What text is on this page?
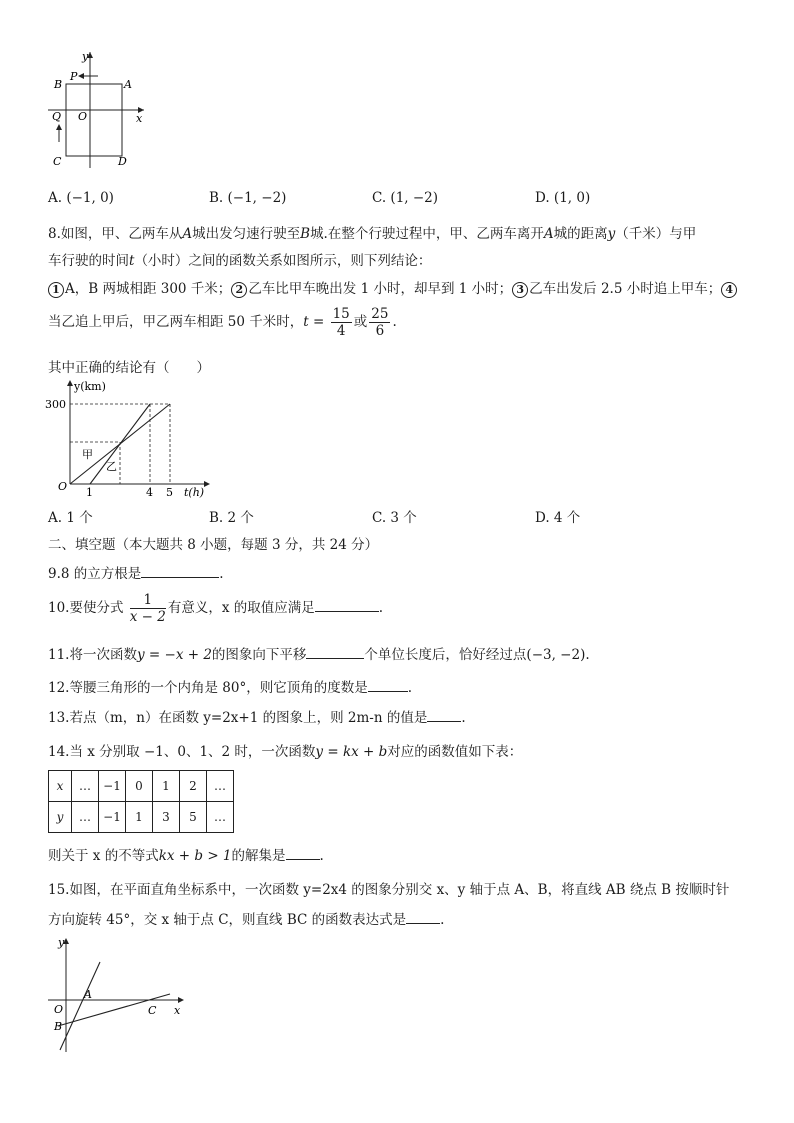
y
x
P
A
B
Q O
C	D
A. (−1, 0)	B. (−1, −2)	C. (1, −2)	D. (1, 0)
8.如图，甲、乙两车从A城出发匀速行驶至B城.在整个行驶过程中，甲、乙两车离开A城的距离y（千米）与甲
车行驶的时间t（小时）之间的函数关系如图所示，则下列结论：
1 A，B 两城相距 300 千米； 2 乙车比甲车晚出发 1 小时，却早到 1 小时； 3 乙车出发后 2.5 小时追上甲车； 4
当乙追上甲后，甲乙两车相距 50 千米时，$t = \frac{15}{4}$ 或 $\frac{25}{6}$ .
其中正确的结论有（　　）
y(km)
t(h)
O
300
1	4 5
甲
乙
A. 1 个	B. 2 个	C. 3 个	D. 4 个
二、填空题（本大题共 8 小题，每题 3 分，共 24 分）
9.8 的立方根是	.
10.要使分式 $\frac{1}{x - 2}$ 有意义，x 的取值应满足	.
11.将一次函数y = −x + 2的图象向下平移	个单位长度后，恰好经过点(−3, −2).
12.等腰三角形的一个内角是 80°，则它顶角的度数是	.
13.若点（m，n）在函数 y=2x+1 的图象上，则 2m-n 的值是	.
14.当 x 分别取 −1、0、1、2 时，一次函数y = kx + b对应的函数值如下表：
x	…	−1	0	1	2	…
y	…	−1	1	3	5	…
则关于 x 的不等式kx + b > 1的解集是	.
15.如图，在平面直角坐标系中，一次函数 y=2x4 的图象分别交 x、y 轴于点 A、B，将直线 AB 绕点 B 按顺时针
方向旋转 45°，交 x 轴于点 C，则直线 BC 的函数表达式是	.
y
x
O
A
B
C
